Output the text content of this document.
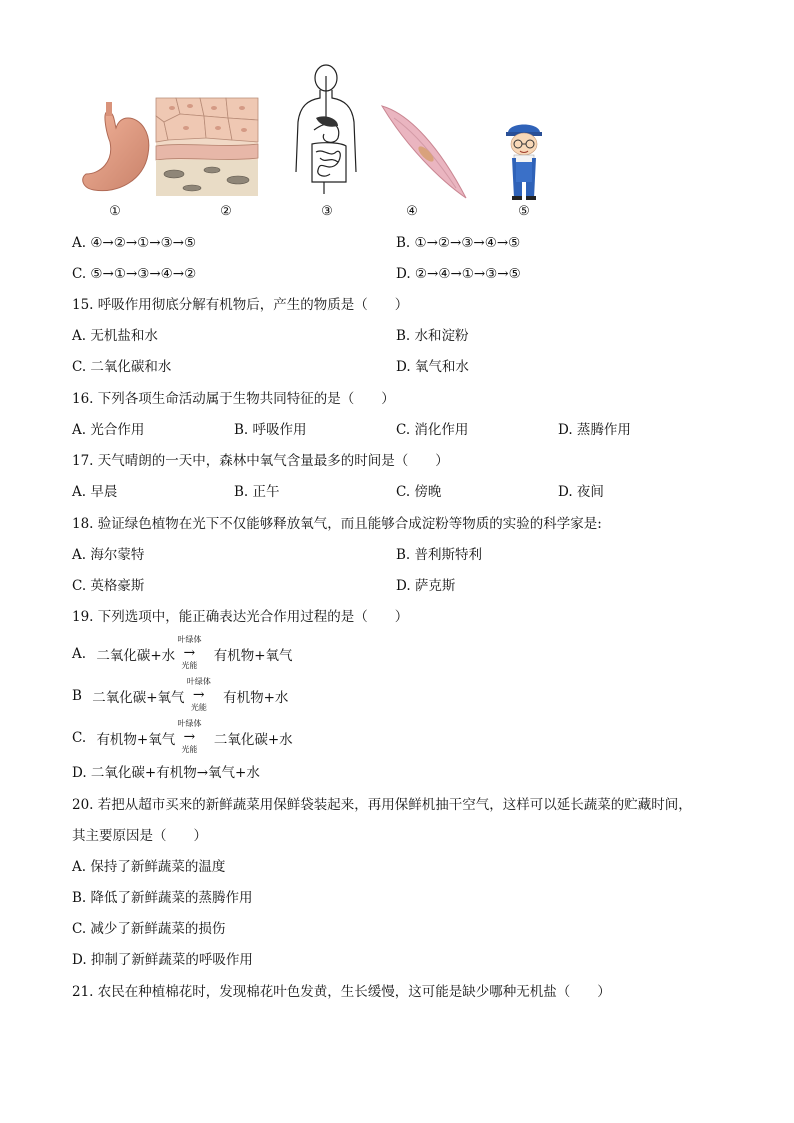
①	②	③	④	⑤
A. ④→②→①→③→⑤	B. ①→②→③→④→⑤
C. ⑤→①→③→④→②	D. ②→④→①→③→⑤
15. 呼吸作用彻底分解有机物后，产生的物质是（　　）
A. 无机盐和水	B. 水和淀粉
C. 二氧化碳和水	D. 氧气和水
16. 下列各项生命活动属于生物共同特征的是（　　）
A. 光合作用	B. 呼吸作用	C. 消化作用	D. 蒸腾作用
17. 天气晴朗的一天中，森林中氧气含量最多的时间是（　　）
A. 早晨	B. 正午	C. 傍晚	D. 夜间
18. 验证绿色植物在光下不仅能够释放氧气，而且能够合成淀粉等物质的实验的科学家是:
A. 海尔蒙特	B. 普利斯特利
C. 英格豪斯	D. 萨克斯
19. 下列选项中，能正确表达光合作用过程的是（　　）
A. 二氧化碳+水
叶绿体
→
光能
有机物+氧气
B 二氧化碳+氧气
叶绿体
→
光能
有机物+水
C. 有机物+氧气
叶绿体
→
光能
二氧化碳+水
D. 二氧化碳+有机物→氧气+水
20. 若把从超市买来的新鲜蔬菜用保鲜袋装起来，再用保鲜机抽干空气，这样可以延长蔬菜的贮藏时间，
其主要原因是（　　）
A. 保持了新鲜蔬菜的温度
B. 降低了新鲜蔬菜的蒸腾作用
C. 减少了新鲜蔬菜的损伤
D. 抑制了新鲜蔬菜的呼吸作用
21. 农民在种植棉花时，发现棉花叶色发黄，生长缓慢，这可能是缺少哪种无机盐（　　）
